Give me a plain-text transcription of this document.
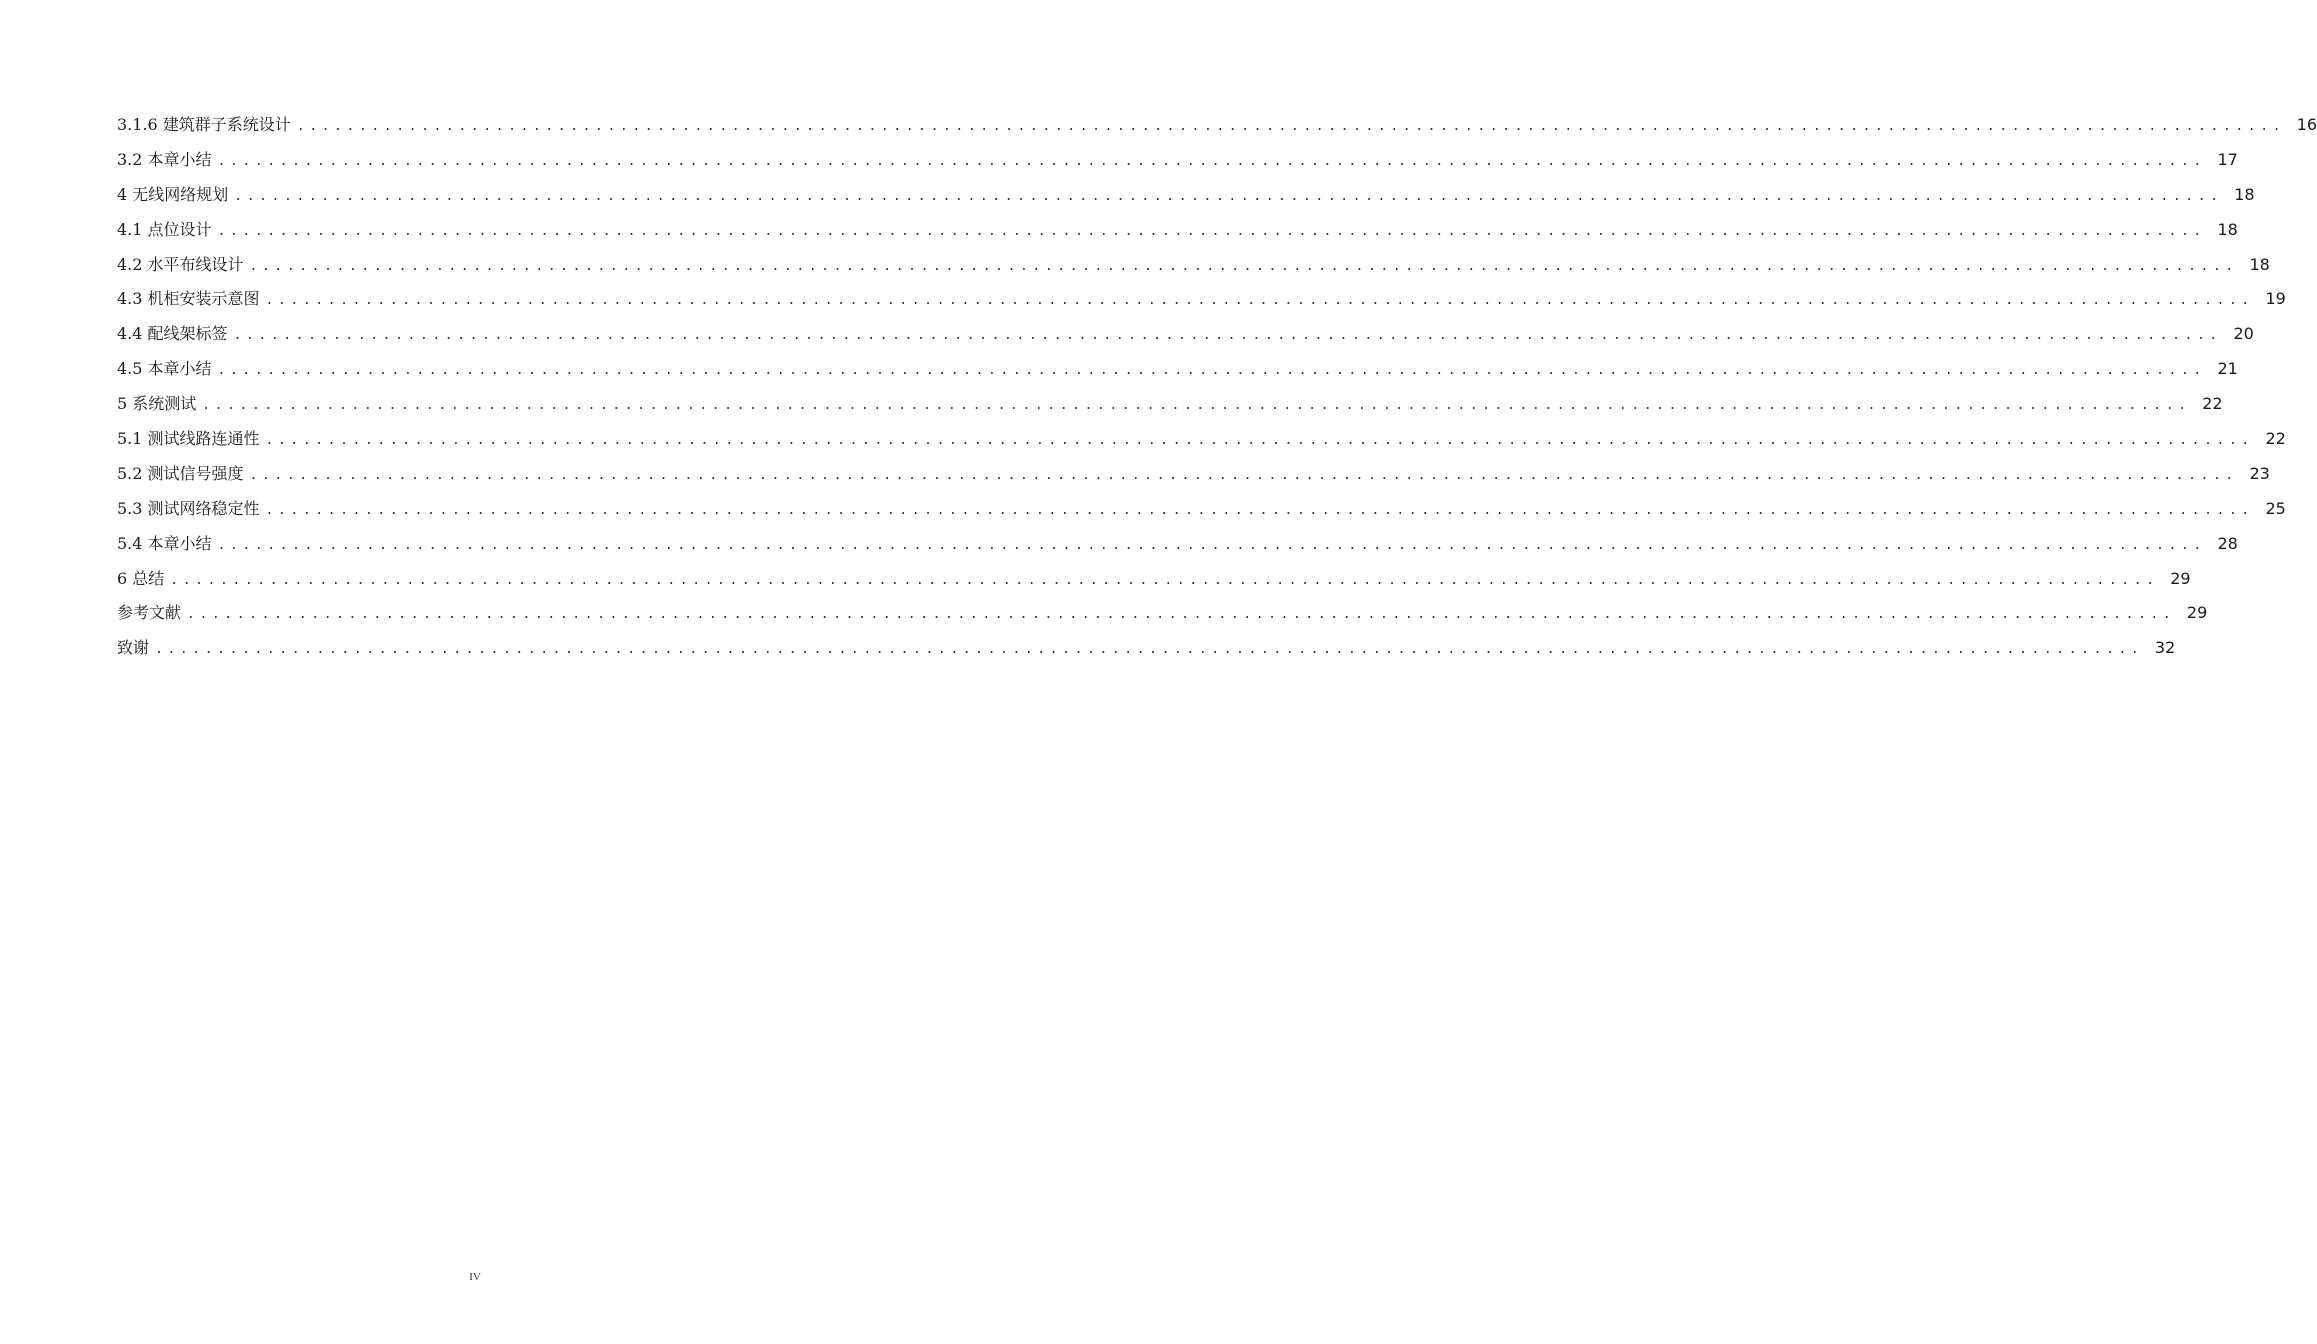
3.1.6 建筑群子系统设计 ................................................................................................................................................................ 16
3.2 本章小结 ................................................................................................................................................................ 17
4 无线网络规划 ................................................................................................................................................................ 18
4.1 点位设计 ................................................................................................................................................................ 18
4.2 水平布线设计 ................................................................................................................................................................ 18
4.3 机柜安装示意图 ................................................................................................................................................................ 19
4.4 配线架标签 ................................................................................................................................................................ 20
4.5 本章小结 ................................................................................................................................................................ 21
5 系统测试 ................................................................................................................................................................ 22
5.1 测试线路连通性 ................................................................................................................................................................ 22
5.2 测试信号强度 ................................................................................................................................................................ 23
5.3 测试网络稳定性 ................................................................................................................................................................ 25
5.4 本章小结 ................................................................................................................................................................ 28
6 总结 ................................................................................................................................................................ 29
参考文献 ................................................................................................................................................................ 29
致谢 ................................................................................................................................................................ 32
IV
